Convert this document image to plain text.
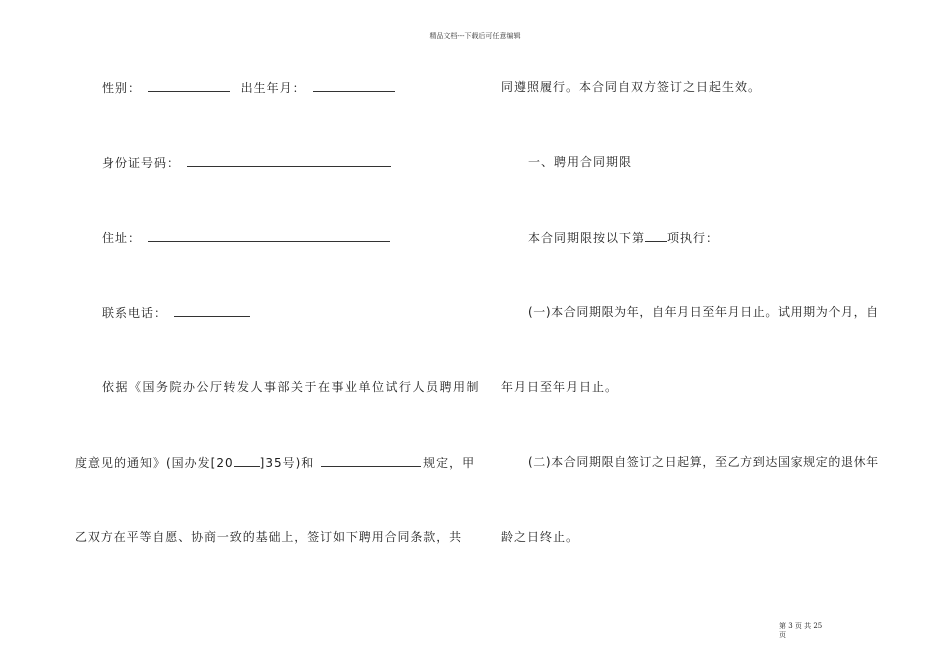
精品文档---下载后可任意编辑
性别：	出生年月：
身份证号码：
住址：
联系电话：
依据《国务院办公厅转发人事部关于在事业单位试行人员聘用制
度意见的通知》(国办发[20 ]35号)和	规定，甲
乙双方在平等自愿、协商一致的基础上，签订如下聘用合同条款，共
同遵照履行。本合同自双方签订之日起生效。
一、聘用合同期限
本合同期限按以下第 项执行：
(一)本合同期限为年，自年月日至年月日止。试用期为个月，自
年月日至年月日止。
(二)本合同期限自签订之日起算，至乙方到达国家规定的退休年
龄之日终止。
第 3 页 共 25
页
